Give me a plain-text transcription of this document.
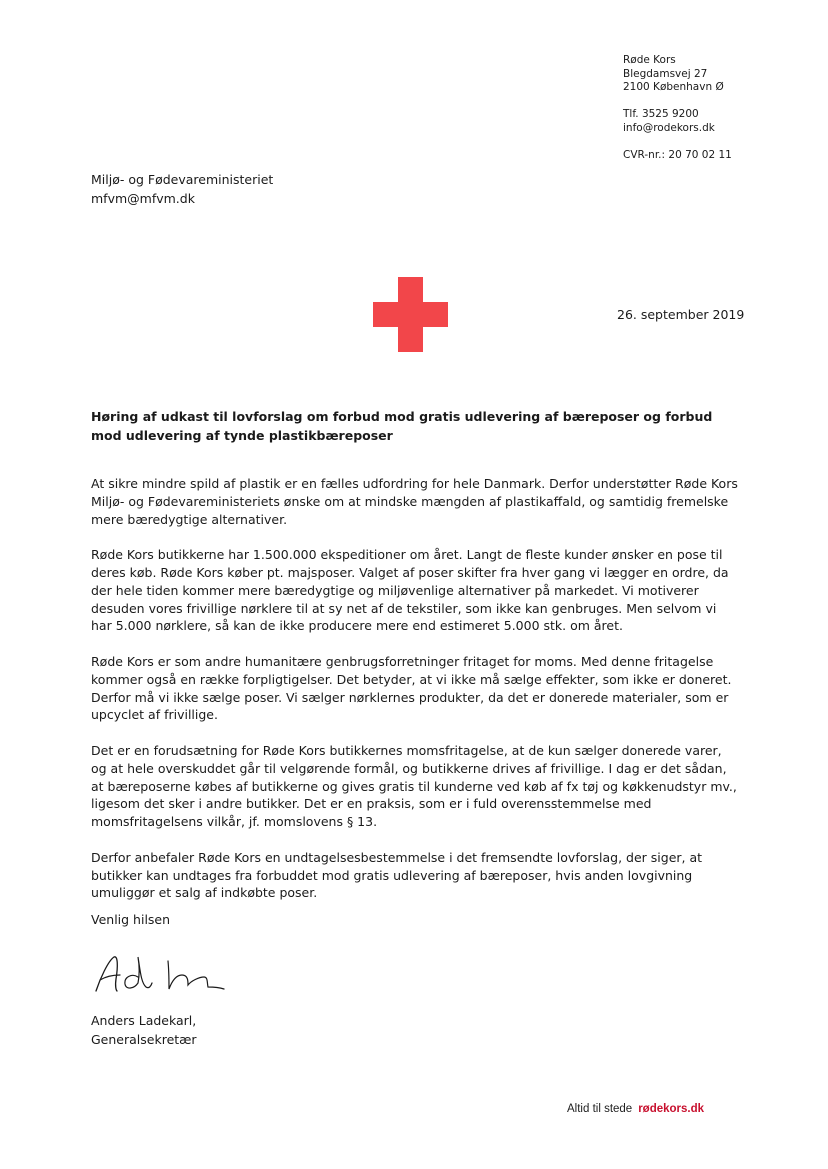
Røde Kors
Blegdamsvej 27
2100 København Ø
Tlf. 3525 9200
info@rodekors.dk
CVR-nr.: 20 70 02 11
Miljø- og Fødevareministeriet
mfvm@mfvm.dk
26. september 2019
Høring af udkast til lovforslag om forbud mod gratis udlevering af bæreposer og forbud mod udlevering af tynde plastikbæreposer

At sikre mindre spild af plastik er en fælles udfordring for hele Danmark. Derfor understøtter Røde Kors Miljø- og Fødevareministeriets ønske om at mindske mængden af plastikaffald, og samtidig fremelske mere bæredygtige alternativer.

Røde Kors butikkerne har 1.500.000 ekspeditioner om året. Langt de fleste kunder ønsker en pose til deres køb. Røde Kors køber pt. majsposer. Valget af poser skifter fra hver gang vi lægger en ordre, da der hele tiden kommer mere bæredygtige og miljøvenlige alternativer på markedet. Vi motiverer desuden vores frivillige nørklere til at sy net af de tekstiler, som ikke kan genbruges. Men selvom vi har 5.000 nørklere, så kan de ikke producere mere end estimeret 5.000 stk. om året.

Røde Kors er som andre humanitære genbrugsforretninger fritaget for moms. Med denne fritagelse kommer også en række forpligtigelser. Det betyder, at vi ikke må sælge effekter, som ikke er doneret. Derfor må vi ikke sælge poser. Vi sælger nørklernes produkter, da det er donerede materialer, som er upcyclet af frivillige.

Det er en forudsætning for Røde Kors butikkernes momsfritagelse, at de kun sælger donerede varer, og at hele overskuddet går til velgørende formål, og butikkerne drives af frivillige. I dag er det sådan, at bæreposerne købes af butikkerne og gives gratis til kunderne ved køb af fx tøj og køkkenudstyr mv., ligesom det sker i andre butikker. Det er en praksis, som er i fuld overensstemmelse med momsfritagelsens vilkår, jf. momslovens § 13.

Derfor anbefaler Røde Kors en undtagelsesbestemmelse i det fremsendte lovforslag, der siger, at butikker kan undtages fra forbuddet mod gratis udlevering af bæreposer, hvis anden lovgivning umuliggør et salg af indkøbte poser.

Venlig hilsen
Anders Ladekarl,
Generalsekretær
Altid til stede rødekors.dk
